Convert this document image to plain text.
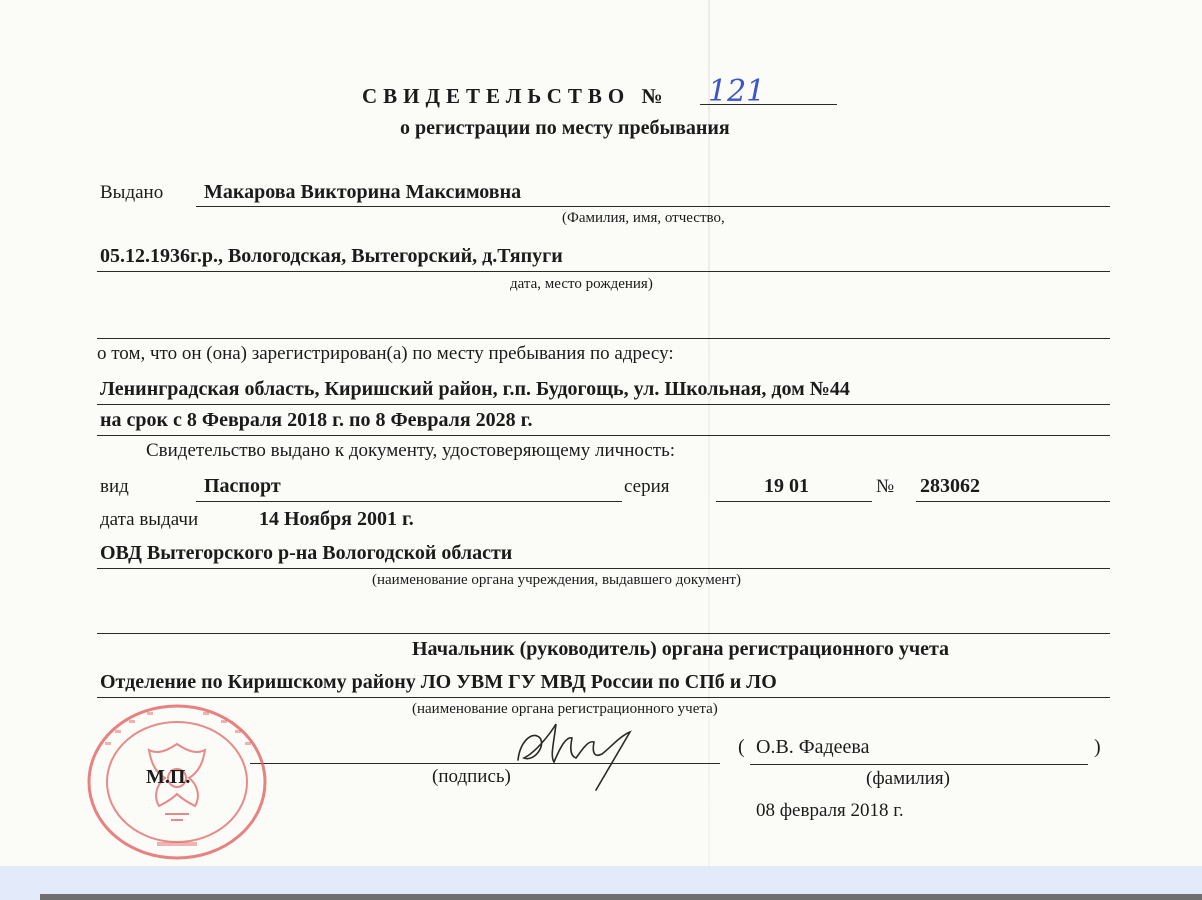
СВИДЕТЕЛЬСТВО № 121
о регистрации по месту пребывания
Выдано Макарова Викторина Максимовна
(Фамилия, имя, отчество,
05.12.1936г.р., Вологодская, Вытегорский, д.Тяпуги
дата, место рождения)
о том, что он (она) зарегистрирован(а) по месту пребывания по адресу:
Ленинградская область, Киришский район, г.п. Будогощь, ул. Школьная, дом №44
на срок с 8 Февраля 2018 г. по 8 Февраля 2028 г.
Свидетельство выдано к документу, удостоверяющему личность:
вид	Паспорт	серия	19 01	№ 283062
дата выдачи	14 Ноября 2001 г.
ОВД Вытегорского р-на Вологодской области
(наименование органа учреждения, выдавшего документ)
Начальник (руководитель) органа регистрационного учета
Отделение по Киришскому району ЛО УВМ ГУ МВД России по СПб и ЛО
(наименование органа регистрационного учета)
М.П.	(подпись)
( О.В. Фадеева	)
(фамилия)
08 февраля 2018 г.
